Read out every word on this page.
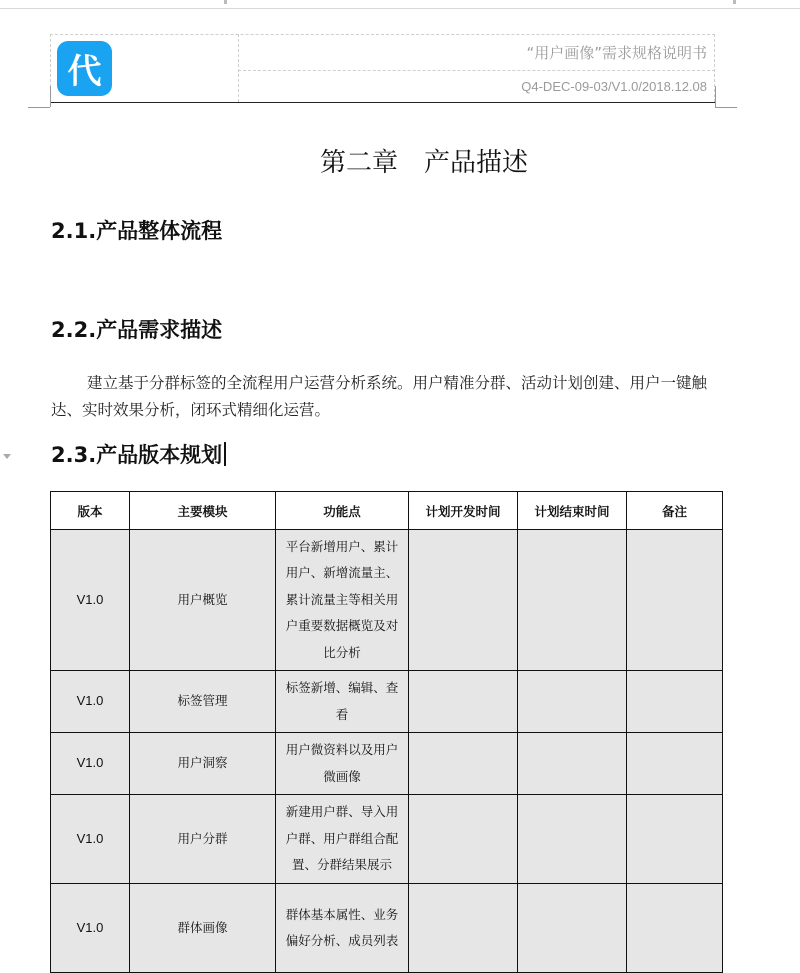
代	“用户画像”需求规格说明书
Q4-DEC-09-03/V1.0/2018.12.08
第二章　产品描述
2.1.产品整体流程
2.2.产品需求描述
建立基于分群标签的全流程用户运营分析系统。用户精准分群、活动计划创建、用户一键触达、实时效果分析，闭环式精细化运营。
2.3.产品版本规划
版本	主要模块	功能点	计划开发时间	计划结束时间	备注
V1.0	用户概览	平台新增用户、累计用户、新增流量主、累计流量主等相关用户重要数据概览及对比分析			
V1.0	标签管理	标签新增、编辑、查看			
V1.0	用户洞察	用户微资料以及用户微画像			
V1.0	用户分群	新建用户群、导入用户群、用户群组合配置、分群结果展示			
V1.0	群体画像	群体基本属性、业务偏好分析、成员列表			
